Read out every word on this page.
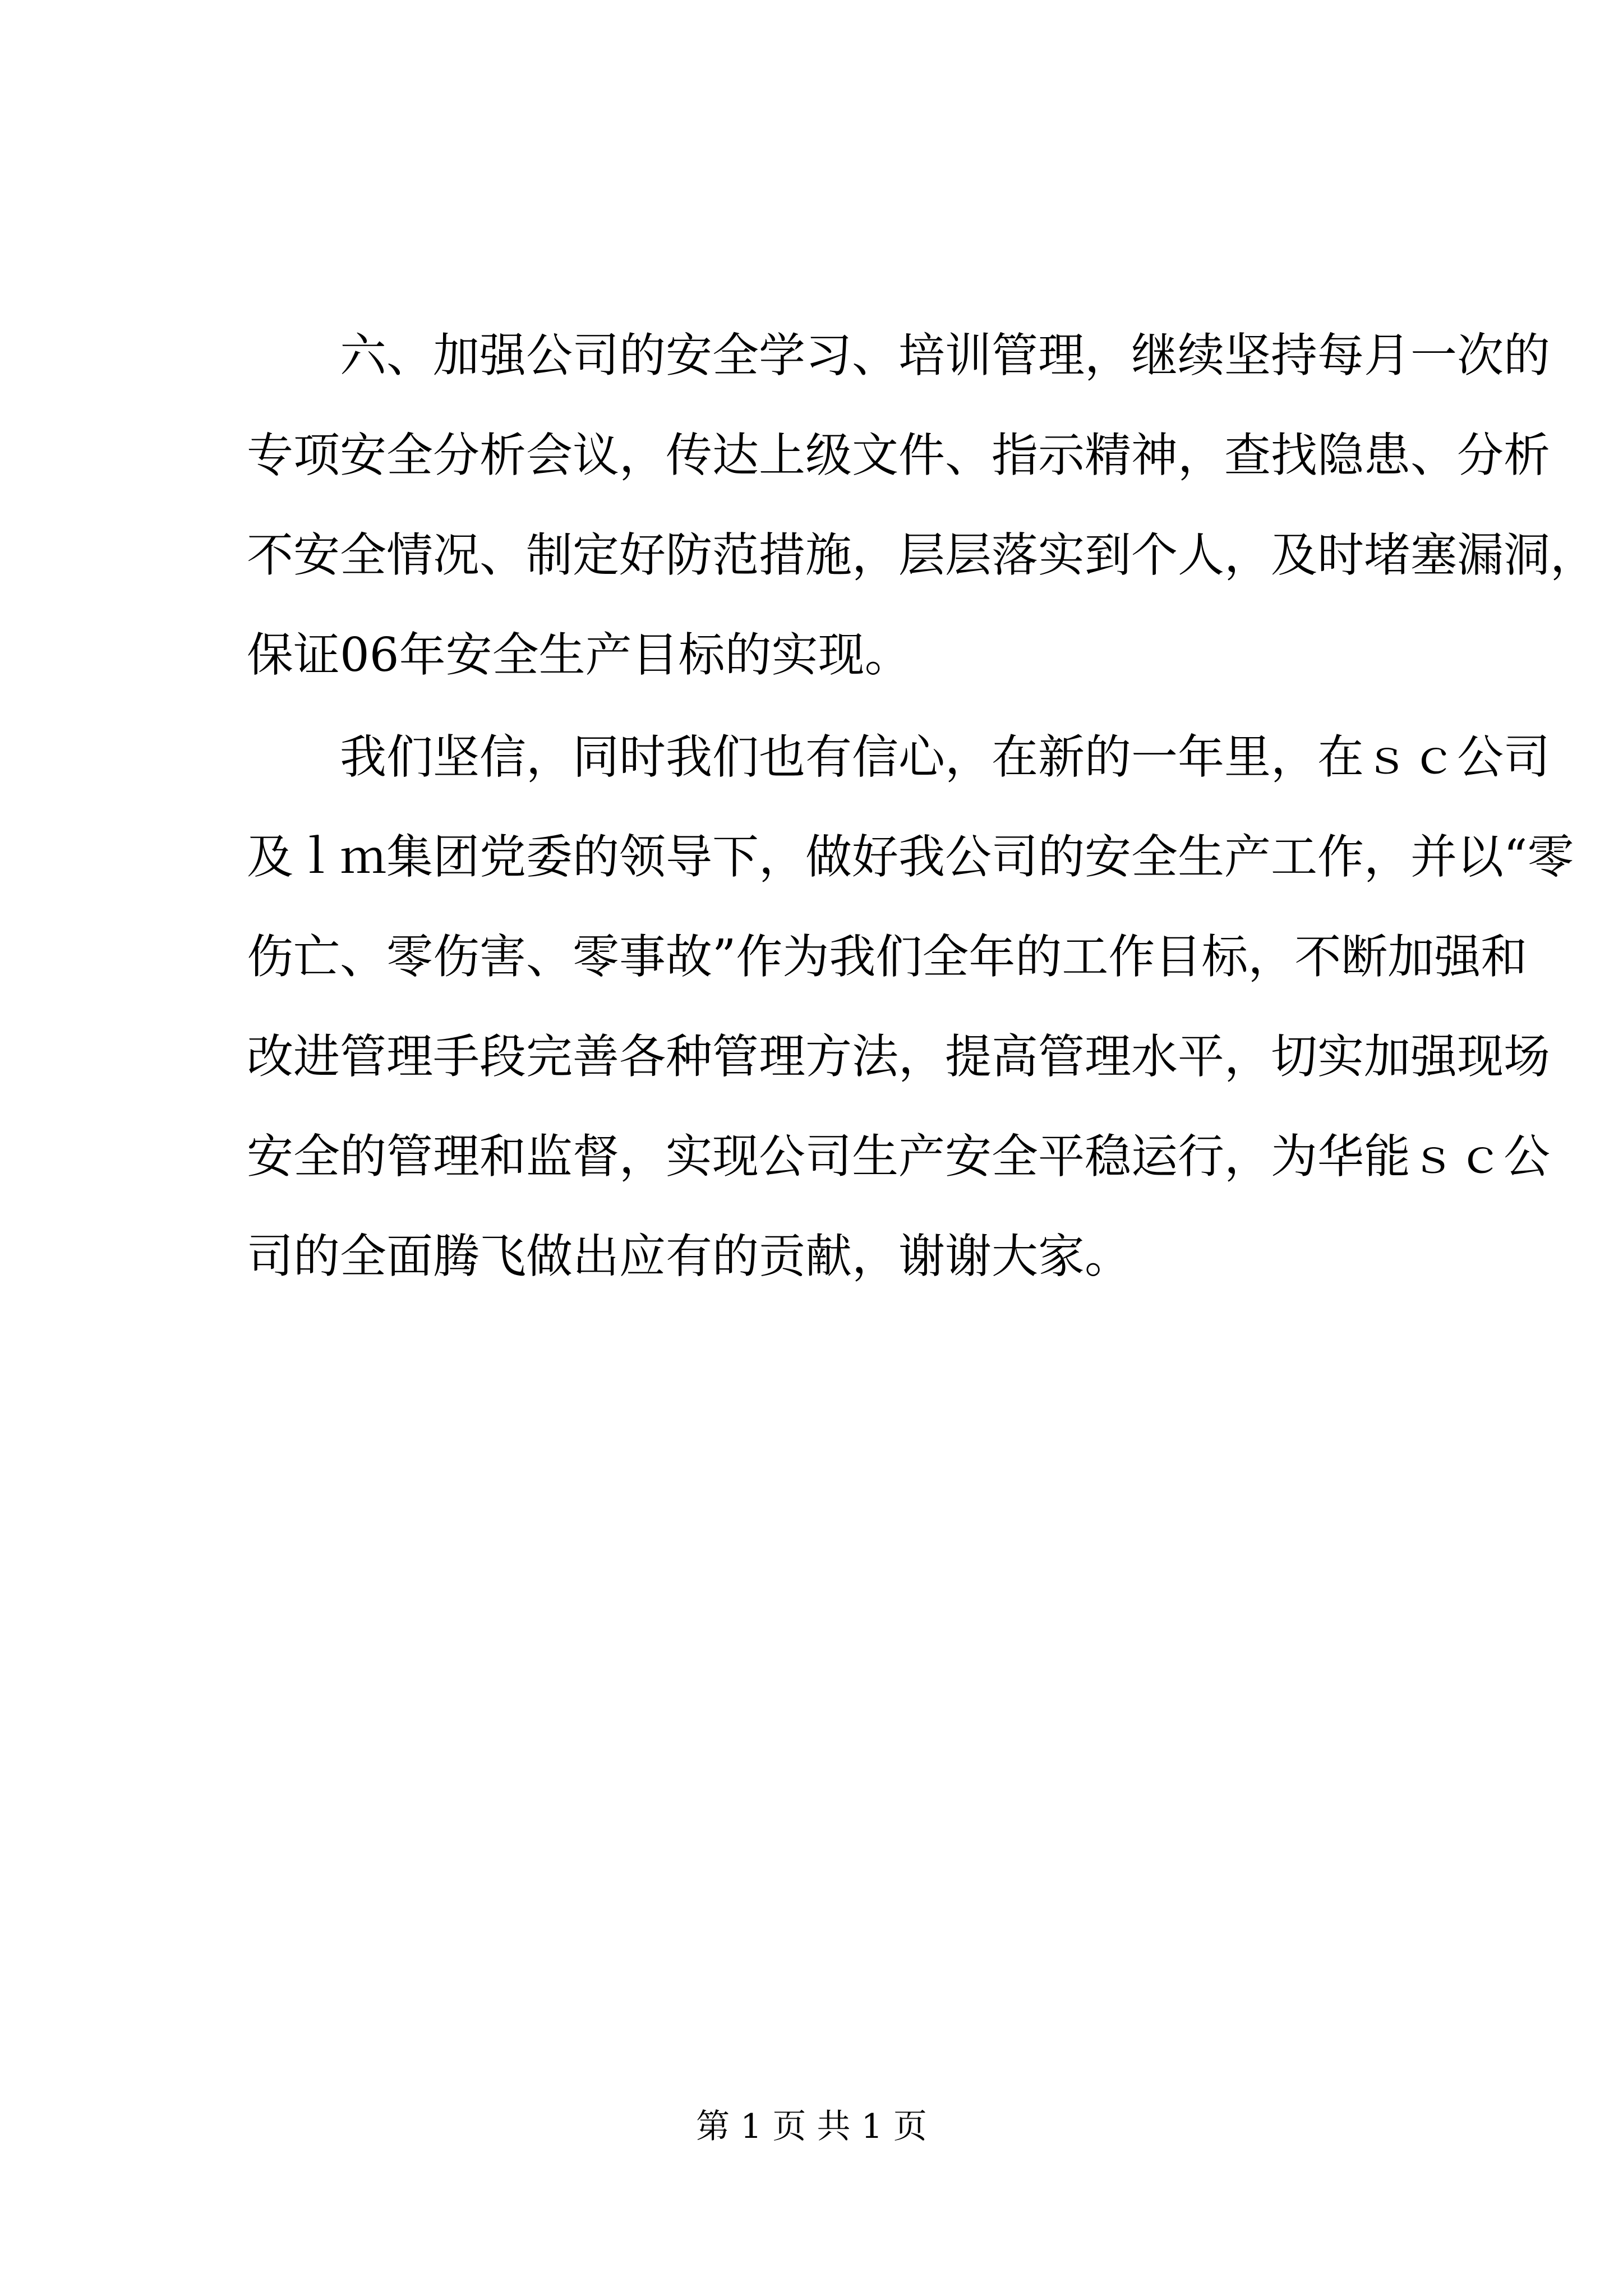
　　六、加强公司的安全学习、培训管理，继续坚持每月一次的
专项安全分析会议，传达上级文件、指示精神，查找隐患、分析
不安全情况、制定好防范措施，层层落实到个人，及时堵塞漏洞，
保证06年安全生产目标的实现。
　　我们坚信，同时我们也有信心，在新的一年里，在ｓｃ公司
及ｌｍ集团党委的领导下，做好我公司的安全生产工作，并以“零
伤亡、零伤害、零事故”作为我们全年的工作目标，不断加强和
改进管理手段完善各种管理方法，提高管理水平，切实加强现场
安全的管理和监督，实现公司生产安全平稳运行，为华能ｓｃ公
司的全面腾飞做出应有的贡献，谢谢大家。
第 1 页 共 1 页
